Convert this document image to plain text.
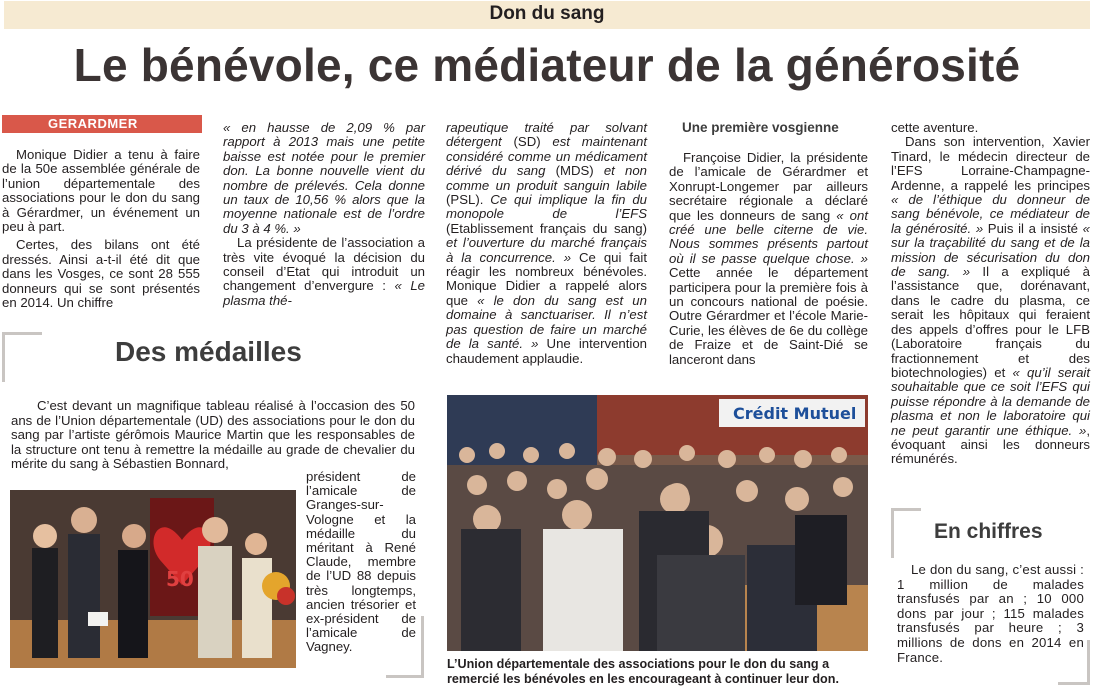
Don du sang
Le bénévole, ce médiateur de la générosité
GERARDMER

Monique Didier a tenu à faire de la 50e assemblée générale de l’union départementale des associations pour le don du sang à Gérardmer, un événement un peu à part.

Certes, des bilans ont été dressés. Ainsi a-t-il été dit que dans les Vosges, ce sont 28 555 donneurs qui se sont présentés en 2014. Un chiffre

« en hausse de 2,09 % par rapport à 2013 mais une petite baisse est notée pour le premier don. La bonne nouvelle vient du nombre de prélevés. Cela donne un taux de 10,56 % alors que la moyenne nationale est de l’ordre du 3 à 4 %. »

La présidente de l’association a très vite évoqué la décision du conseil d’Etat qui introduit un changement d’envergure : « Le plasma thé-

rapeutique traité par solvant détergent (SD) est maintenant considéré comme un médicament dérivé du sang (MDS) et non comme un produit sanguin labile (PSL). Ce qui implique la fin du monopole de l’EFS (Etablissement français du sang) et l’ouverture du marché français à la concurrence. » Ce qui fait réagir les nombreux bénévoles. Monique Didier a rappelé alors que « le don du sang est un domaine à sanctuariser. Il n’est pas question de faire un marché de la santé. » Une intervention chaudement applaudie.

Une première vosgienne

Françoise Didier, la présidente de l’amicale de Gérardmer et Xonrupt-Longemer par ailleurs secrétaire régionale a déclaré que les donneurs de sang « ont créé une belle citerne de vie. Nous sommes présents partout où il se passe quelque chose. » Cette année le département participera pour la première fois à un concours national de poésie. Outre Gérardmer et l’école Marie-Curie, les élèves de 6e du collège de Fraize et de Saint-Dié se lanceront dans

cette aventure.

Dans son intervention, Xavier Tinard, le médecin directeur de l’EFS Lorraine-Champagne-Ardenne, a rappelé les principes « de l’éthique du donneur de sang bénévole, ce médiateur de la générosité. » Puis il a insisté « sur la traçabilité du sang et de la mission de sécurisation du don de sang. » Il a expliqué à l’assistance que, dorénavant, dans le cadre du plasma, ce serait les hôpitaux qui feraient des appels d’offres pour le LFB (Laboratoire français du fractionnement et des biotechnologies) et « qu’il serait souhaitable que ce soit l’EFS qui puisse répondre à la demande de plasma et non le laboratoire qui ne peut garantir une éthique. », évoquant ainsi les donneurs rémunérés.

Des médailles

C’est devant un magnifique tableau réalisé à l’occasion des 50 ans de l’Union départementale (UD) des associations pour le don du sang par l’artiste gérômois Maurice Martin que les responsables de la structure ont tenu à remettre la médaille au grade de chevalier du mérite du sang à Sébastien Bonnard,

président de l’amicale de Granges-sur-Vologne et la médaille du méritant à René Claude, membre de l’UD 88 depuis très longtemps, ancien trésorier et ex-président de l’amicale de Vagney.

50
Crédit Mutuel
L’Union départementale des associations pour le don du sang a remercié les bénévoles en les encourageant à continuer leur don.
En chiffres

Le don du sang, c’est aussi : 1 million de malades transfusés par an ; 10 000 dons par jour ; 115 malades transfusés par heure ; 3 millions de dons en 2014 en France.
